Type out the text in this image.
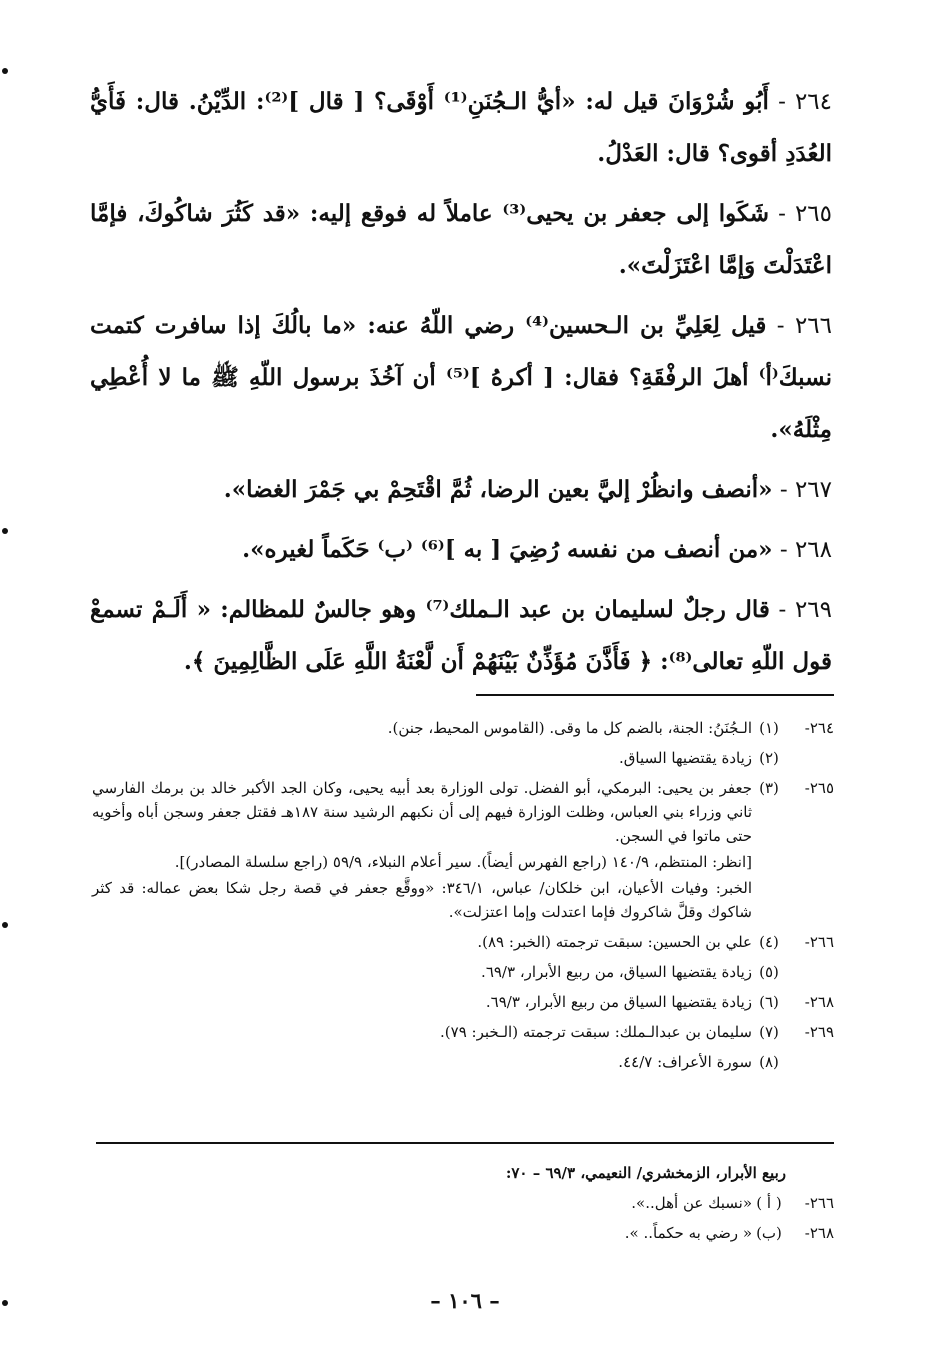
٢٦٤ - أَبُو شُرْوَانَ قيل له: «أيُّ الـجُنَنِ⁽¹⁾ أَوْقَى؟ [ قال ]⁽²⁾: الدِّيْنُ. قال: فَأَيُّ العُدَدِ أقوى؟ قال: العَدْلُ.
٢٦٥ - شَكَوا إلى جعفر بن يحيى⁽³⁾ عاملاً له فوقع إليه: «قد كَثُرَ شاكُوكَ، فإمَّا اعْتَدَلْتَ وَإمَّا اعْتَزَلْتَ».
٢٦٦ - قيل لِعَلِيِّ بن الـحسين⁽⁴⁾ رضي اللّهُ عنه: «ما بالُكَ إذا سافرت كتمت نسبكَ⁽أ⁾ أهلَ الرفْقَةِ؟ فقال: [ أكرهُ ]⁽⁵⁾ أن آخُذَ برسول اللّهِ ﷺ ما لا أُعْطِي مِثْلَهُ».
٢٦٧ - «أنصف وانظُرْ إليَّ بعين الرضا، ثُمَّ اقْتَحِمْ بي جَمْرَ الغضا».
٢٦٨ - «من أنصف من نفسه رُضِيَ [ به ]⁽⁶⁾ ⁽ب⁾ حَكَماً لغيره».
٢٦٩ - قال رجلٌ لسليمان بن عبد الـملك⁽⁷⁾ وهو جالسٌ للمظالم: « أَلَـمْ تسمعْ قول اللّهِ تعالى⁽⁸⁾: ﴿ فَأَذَّنَ مُؤَذِّنٌ بَيْنَهُمْ أَن لَّعْنَةُ اللَّهِ عَلَى الظَّالِمِينَ ﴾.
٢٦٤-
(١)
الـجُنَنُ: الجنة، بالضم كل ما وقى. (القاموس المحيط، جنن).
(٢)
زيادة يقتضيها السياق.
٢٦٥-
(٣)
جعفر بن يحيى: البرمكي، أبو الفضل. تولى الوزارة بعد أبيه يحيى، وكان الجد الأكبر خالد بن برمك الفارسي ثاني وزراء بني العباس، وظلت الوزارة فيهم إلى أن نكبهم الرشيد سنة ١٨٧هـ فقتل جعفر وسجن أباه وأخويه حتى ماتوا في السجن.
[انظر: المنتظم، ١٤٠/٩ (راجع الفهرس أيضاً). سير أعلام النبلاء، ٥٩/٩ (راجع سلسلة المصادر)].
الخبر: وفيات الأعيان، ابن خلكان/ عباس، ٣٤٦/١: «ووقَّع جعفر في قصة رجل شكا بعض عماله: قد كثر شاكوك وقلَّ شاكروك فإما اعتدلت وإما اعتزلت».
٢٦٦-
(٤)
علي بن الحسين: سبقت ترجمته (الخبر: ٨٩).
(٥)
زيادة يقتضيها السياق، من ربيع الأبرار، ٦٩/٣.
٢٦٨-
(٦)
زيادة يقتضيها السياق من ربيع الأبرار، ٦٩/٣.
٢٦٩-
(٧)
سليمان بن عبدالـملك: سبقت ترجمته (الـخبر: ٧٩).
(٨)
سورة الأعراف: ٤٤/٧.
ربيع الأبرار، الزمخشري/ النعيمي، ٦٩/٣ – ٧٠:
٢٦٦-
( أ )
«نسبك عن أهل..».
٢٦٨-
(ب)
« رضي به حكماً.. ».
– ١٠٦ –
